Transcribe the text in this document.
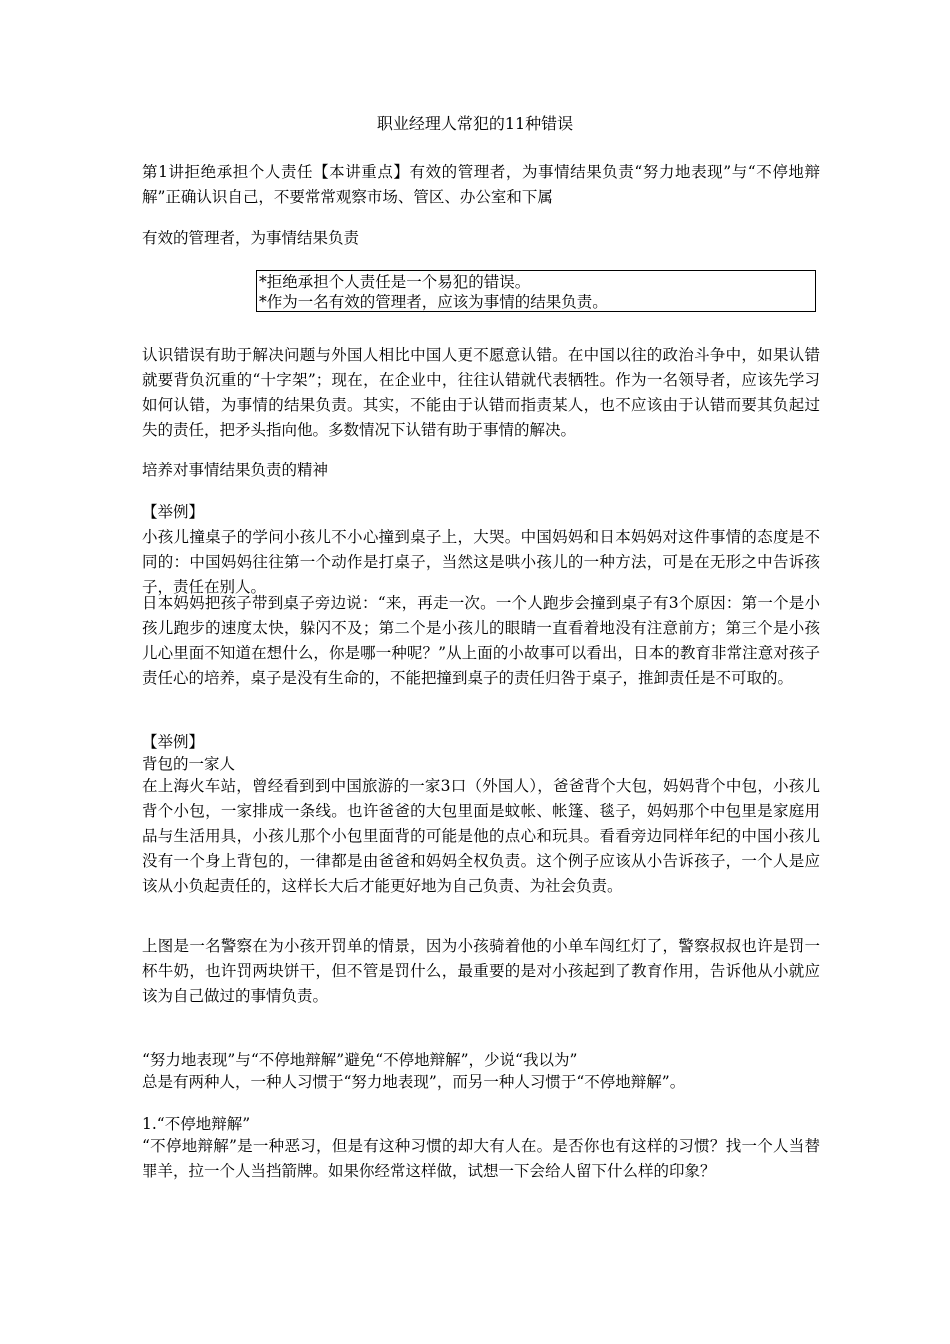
职业经理人常犯的11种错误

第1讲拒绝承担个人责任【本讲重点】有效的管理者，为事情结果负责“努力地表现”与“不停地辩解”正确认识自己，不要常常观察市场、管区、办公室和下属

有效的管理者，为事情结果负责

*拒绝承担个人责任是一个易犯的错误。
*作为一名有效的管理者，应该为事情的结果负责。

认识错误有助于解决问题与外国人相比中国人更不愿意认错。在中国以往的政治斗争中，如果认错就要背负沉重的“十字架”；现在，在企业中，往往认错就代表牺牲。作为一名领导者，应该先学习如何认错，为事情的结果负责。其实，不能由于认错而指责某人，也不应该由于认错而要其负起过失的责任，把矛头指向他。多数情况下认错有助于事情的解决。

培养对事情结果负责的精神

【举例】

小孩儿撞桌子的学问小孩儿不小心撞到桌子上，大哭。中国妈妈和日本妈妈对这件事情的态度是不同的：中国妈妈往往第一个动作是打桌子，当然这是哄小孩儿的一种方法，可是在无形之中告诉孩子，责任在别人。

日本妈妈把孩子带到桌子旁边说：“来，再走一次。一个人跑步会撞到桌子有3个原因：第一个是小孩儿跑步的速度太快，躲闪不及；第二个是小孩儿的眼睛一直看着地没有注意前方；第三个是小孩儿心里面不知道在想什么，你是哪一种呢？”从上面的小故事可以看出，日本的教育非常注意对孩子责任心的培养，桌子是没有生命的，不能把撞到桌子的责任归咎于桌子，推卸责任是不可取的。

【举例】

背包的一家人

在上海火车站，曾经看到到中国旅游的一家3口（外国人），爸爸背个大包，妈妈背个中包，小孩儿背个小包，一家排成一条线。也许爸爸的大包里面是蚊帐、帐篷、毯子，妈妈那个中包里是家庭用品与生活用具，小孩儿那个小包里面背的可能是他的点心和玩具。看看旁边同样年纪的中国小孩儿没有一个身上背包的，一律都是由爸爸和妈妈全权负责。这个例子应该从小告诉孩子，一个人是应该从小负起责任的，这样长大后才能更好地为自己负责、为社会负责。

上图是一名警察在为小孩开罚单的情景，因为小孩骑着他的小单车闯红灯了，警察叔叔也许是罚一杯牛奶，也许罚两块饼干，但不管是罚什么，最重要的是对小孩起到了教育作用，告诉他从小就应该为自己做过的事情负责。

“努力地表现”与“不停地辩解”避免“不停地辩解”，少说“我以为”

总是有两种人，一种人习惯于“努力地表现”，而另一种人习惯于“不停地辩解”。

1.“不停地辩解”

“不停地辩解”是一种恶习，但是有这种习惯的却大有人在。是否你也有这样的习惯？找一个人当替罪羊，拉一个人当挡箭牌。如果你经常这样做，试想一下会给人留下什么样的印象？
